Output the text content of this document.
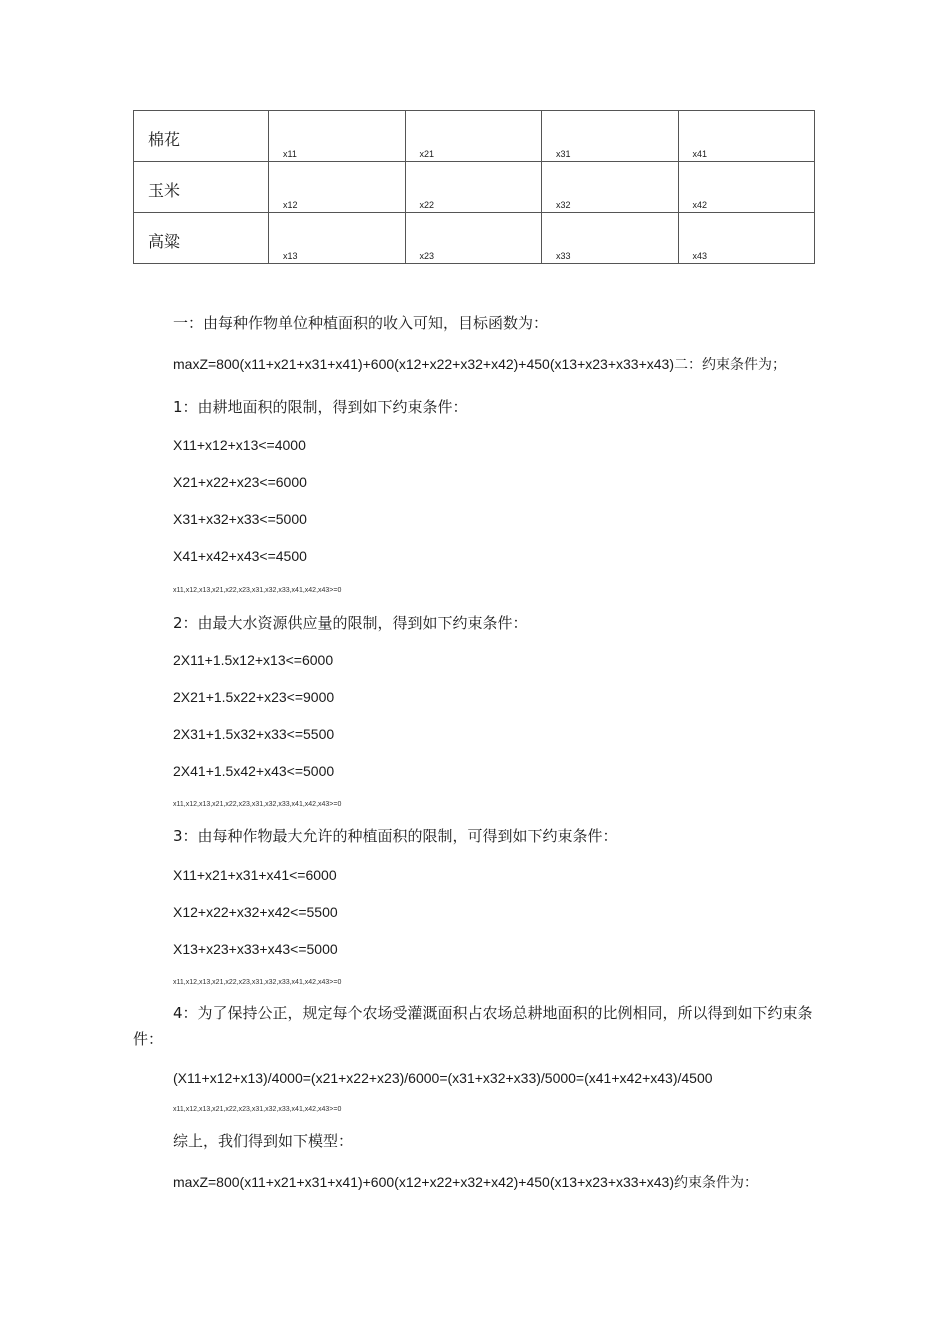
棉花	x11	x21	x31	x41

玉米	x12	x22	x32	x42

高粱	x13	x23	x33	x43
一：由每种作物单位种植面积的收入可知，目标函数为：
maxZ=800(x11+x21+x31+x41)+600(x12+x22+x32+x42)+450(x13+x23+x33+x43)二：约束条件为；
1：由耕地面积的限制，得到如下约束条件：
X11+x12+x13<=4000
X21+x22+x23<=6000
X31+x32+x33<=5000
X41+x42+x43<=4500
x11,x12,x13,x21,x22,x23,x31,x32,x33,x41,x42,x43>=0
2：由最大水资源供应量的限制，得到如下约束条件：
2X11+1.5x12+x13<=6000
2X21+1.5x22+x23<=9000
2X31+1.5x32+x33<=5500
2X41+1.5x42+x43<=5000
x11,x12,x13,x21,x22,x23,x31,x32,x33,x41,x42,x43>=0
3：由每种作物最大允许的种植面积的限制，可得到如下约束条件：
X11+x21+x31+x41<=6000
X12+x22+x32+x42<=5500
X13+x23+x33+x43<=5000
x11,x12,x13,x21,x22,x23,x31,x32,x33,x41,x42,x43>=0
4：为了保持公正，规定每个农场受灌溉面积占农场总耕地面积的比例相同，所以得到如下约束条件：
(X11+x12+x13)/4000=(x21+x22+x23)/6000=(x31+x32+x33)/5000=(x41+x42+x43)/4500
x11,x12,x13,x21,x22,x23,x31,x32,x33,x41,x42,x43>=0
综上，我们得到如下模型：
maxZ=800(x11+x21+x31+x41)+600(x12+x22+x32+x42)+450(x13+x23+x33+x43)约束条件为：
